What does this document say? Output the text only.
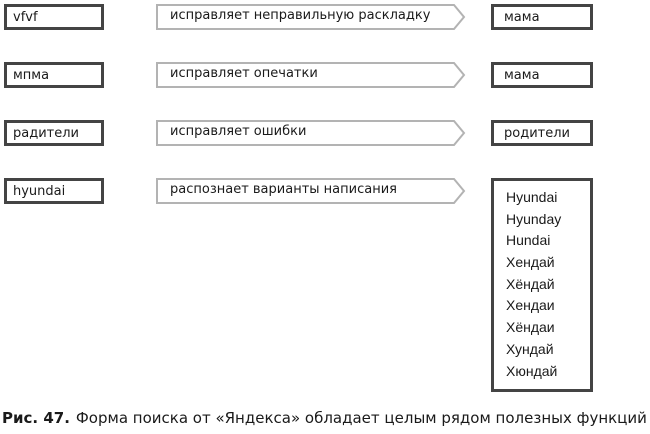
vfvf	исправляет неправильную раскладку	мама
мпма	исправляет опечатки	мама
радители	исправляет ошибки	родители
hyundai	распознает варианты написания	Hyundai
Hyunday
Hundai
Хендай
Хёндай
Хендаи
Хёндаи
Хундай
Хюндай
Рис. 47. Форма поиска от «Яндекса» обладает целым рядом полезных функций
